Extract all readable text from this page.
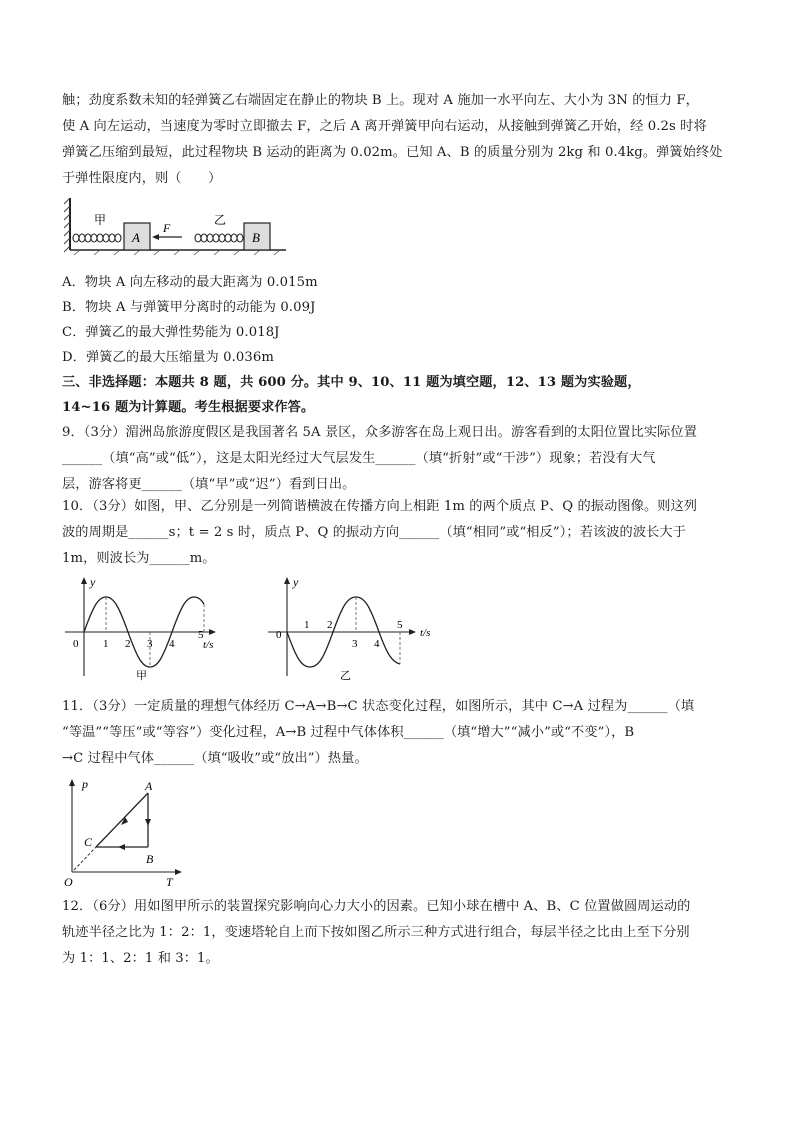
触；劲度系数未知的轻弹簧乙右端固定在静止的物块 B 上。现对 A 施加一水平向左、大小为 3N 的恒力 F，
使 A 向左运动，当速度为零时立即撤去 F，之后 A 离开弹簧甲向右运动，从接触到弹簧乙开始，经 0.2s 时将
弹簧乙压缩到最短，此过程物块 B 运动的距离为 0.02m。已知 A、B 的质量分别为 2kg 和 0.4kg。弹簧始终处
于弹性限度内，则（　　）
甲
A
F
乙
B
A．物块 A 向左移动的最大距离为 0.015m
B．物块 A 与弹簧甲分离时的动能为 0.09J
C．弹簧乙的最大弹性势能为 0.018J
D．弹簧乙的最大压缩量为 0.036m
三、非选择题：本题共 8 题，共 600 分。其中 9、10、11 题为填空题，12、13 题为实验题，
14~16 题为计算题。考生根据要求作答。
9．（3分）湄洲岛旅游度假区是我国著名 5A 景区，众多游客在岛上观日出。游客看到的太阳位置比实际位置
______（填“高”或“低”），这是太阳光经过大气层发生______（填“折射”或“干涉”）现象；若没有大气
层，游客将更______（填“早”或“迟”）看到日出。
10．（3分）如图，甲、乙分别是一列简谐横波在传播方向上相距 1m 的两个质点 P、Q 的振动图像。则这列
波的周期是______s；t = 2 s 时，质点 P、Q 的振动方向______（填“相同”或“相反”）；若该波的波长大于
1m，则波长为______m。
y
t/s
0 1 2 3 4
5
甲
y
t/s
0
1 2
3 4
5
乙
11．（3分）一定质量的理想气体经历 C→A→B→C 状态变化过程，如图所示，其中 C→A 过程为______（填
“等温”“等压”或“等容”）变化过程，A→B 过程中气体体积______（填“增大”“减小”或“不变”），B
→C 过程中气体______（填“吸收”或“放出”）热量。
p
T
O
A
B
C
12．（6分）用如图甲所示的装置探究影响向心力大小的因素。已知小球在槽中 A、B、C 位置做圆周运动的
轨迹半径之比为 1：2：1，变速塔轮自上而下按如图乙所示三种方式进行组合，每层半径之比由上至下分别
为 1：1、2：1 和 3：1。
